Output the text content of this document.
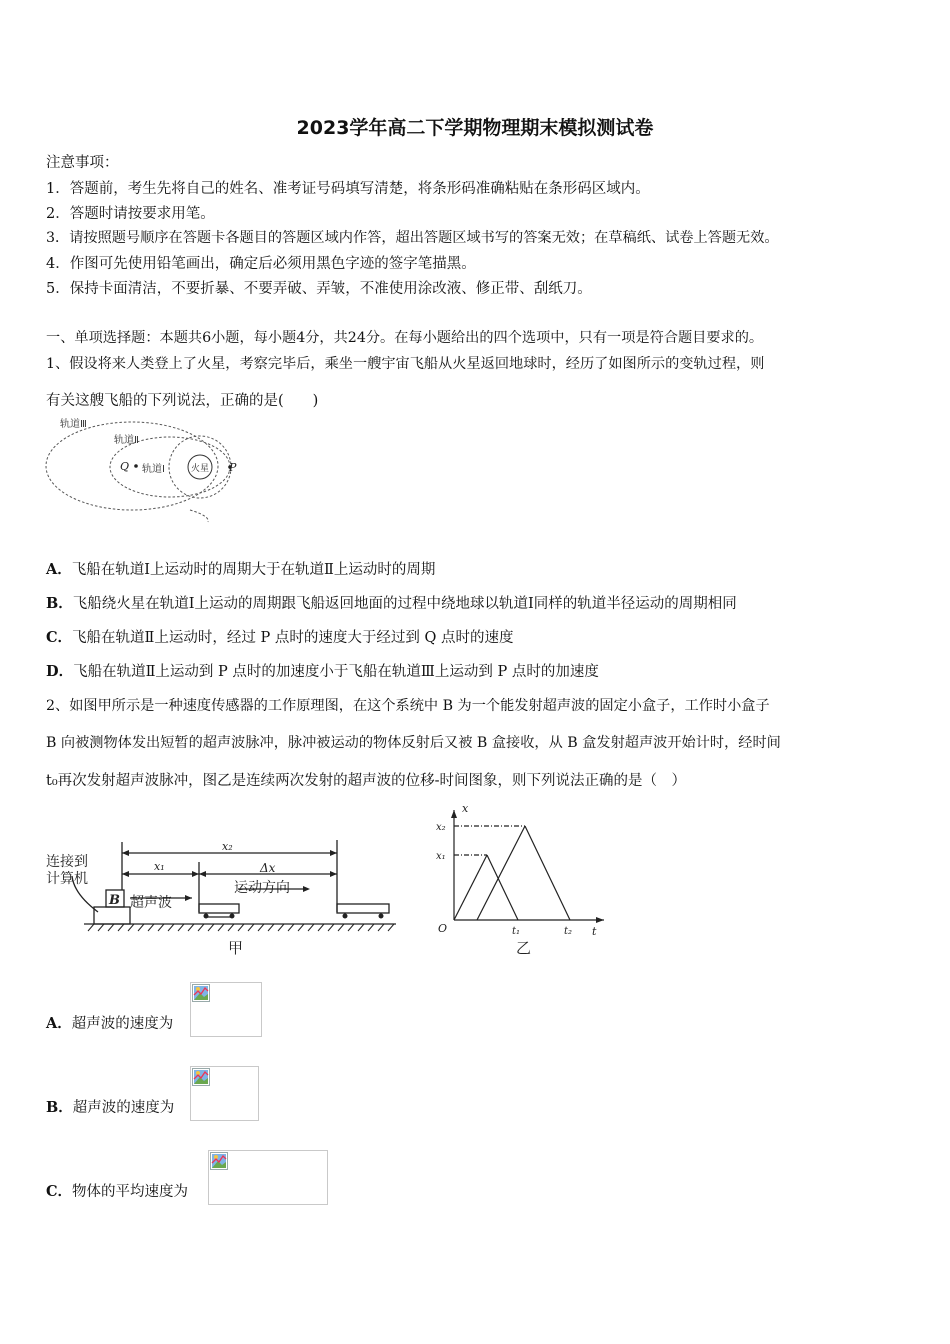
2023学年高二下学期物理期末模拟测试卷
注意事项：
1．答题前，考生先将自己的姓名、准考证号码填写清楚，将条形码准确粘贴在条形码区域内。
2．答题时请按要求用笔。
3．请按照题号顺序在答题卡各题目的答题区域内作答，超出答题区域书写的答案无效；在草稿纸、试卷上答题无效。
4．作图可先使用铅笔画出，确定后必须用黑色字迹的签字笔描黑。
5．保持卡面清洁，不要折暴、不要弄破、弄皱，不准使用涂改液、修正带、刮纸刀。
一、单项选择题：本题共6小题，每小题4分，共24分。在每小题给出的四个选项中，只有一项是符合题目要求的。
1、假设将来人类登上了火星，考察完毕后，乘坐一艘宇宙飞船从火星返回地球时，经历了如图所示的变轨过程，则
有关这艘飞船的下列说法，正确的是(　　)
轨道Ⅲ
轨道Ⅱ
轨道Ⅰ	火星
Q	P
A．飞船在轨道Ⅰ上运动时的周期大于在轨道Ⅱ上运动时的周期
B．飞船绕火星在轨道Ⅰ上运动的周期跟飞船返回地面的过程中绕地球以轨道Ⅰ同样的轨道半径运动的周期相同
C．飞船在轨道Ⅱ上运动时，经过 P 点时的速度大于经过到 Q 点时的速度
D．飞船在轨道Ⅱ上运动到 P 点时的加速度小于飞船在轨道Ⅲ上运动到 P 点时的加速度
2、如图甲所示是一种速度传感器的工作原理图，在这个系统中 B 为一个能发射超声波的固定小盒子，工作时小盒子
B 向被测物体发出短暂的超声波脉冲，脉冲被运动的物体反射后又被 B 盒接收，从 B 盒发射超声波开始计时，经时间
t₀再次发射超声波脉冲，图乙是连续两次发射的超声波的位移-时间图象，则下列说法正确的是（　）
连接到
计算机
B 超声波
x₁
x₂
Δx
运动方向
甲
x
t
O
x₁
x₂
t₁	t₂
乙
A．超声波的速度为
B．超声波的速度为
C．物体的平均速度为
